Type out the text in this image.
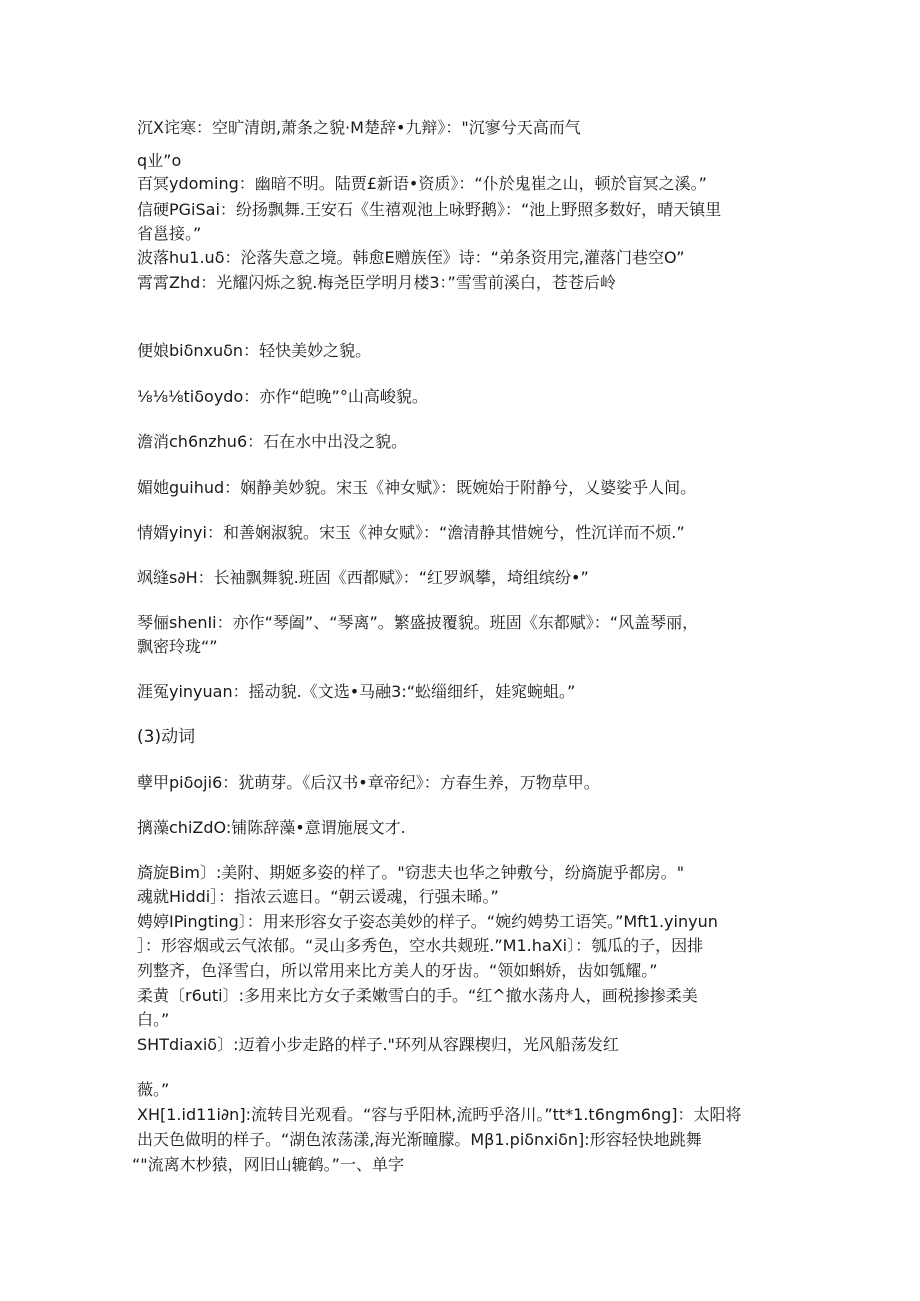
沉X诧寒：空旷清朗,萧条之貌·M楚辞•九辩》："沉寥兮天高而气

q业”o

百冥ydoming：幽暗不明。陆贾£新语•资质》：“仆於鬼崔之山，顿於盲冥之溪。”

信硬PGiSai：纷扬飘舞.王安石《生禧观池上咏野鹅》：“池上野照多数好，晴天镇里

省邕接。”

波落hu1.uδ：沦落失意之境。韩愈E赠族侄》诗：“弟条资用完,灌落门巷空O”

霄霄Zhd：光耀闪烁之貌.梅尧臣学明月楼3：”雪雪前溪白，苍苍后岭

便娘biδnxuδn：轻快美妙之貌。

⅛⅛⅛tiδoydo：亦作“皑晚”°山高峻貌。

澹消ch6nzhu6：石在水中出没之貌。

媚她guihud：娴静美妙貌。宋玉《神女赋》：既婉始于附静兮，乂婆娑乎人间。

情婿yinyi：和善娴淑貌。宋玉《神女赋》：“澹清静其惜婉兮，性沉详而不烦.”

飒缝s∂H：长袖飘舞貌.班固《西都赋》：“红罗飒攀，埼组缤纷•”

琴俪shenIi：亦作“琴阖”、“琴离”。繁盛披覆貌。班固《东都赋》：“风盖琴丽，

飘密玲珑“”

涯冤yinyuan：摇动貌.《文选•马融3:“蚣缁细纤，娃窕蜿蛆。”

(3)动词

孽甲piδoji6：犹萌芽。《后汉书•章帝纪》：方春生养，万物草甲。

摛藻chiZdO:铺陈辞藻•意谓施展文才.

旖旋Bim〕:美附、期姬多姿的样了。"窃悲夫也华之钟敷兮，纷旖旎乎都房。"

魂就Hiddi］：指浓云遮日。“朝云谖魂，行强未晞。”

娉婷IPingting〕：用来形容女子姿态美妙的样子。“婉约娉势工语笑。”Mft1.yinyun

］：形容烟或云气浓郁。“灵山多秀色，空水共觌班.”M1.haXi〕：瓠瓜的子，因排

列整齐，色泽雪白，所以常用来比方美人的牙齿。“领如蝌娇，齿如瓠耀。”

柔黄〔r6uti〕:多用来比方女子柔嫩雪白的手。“红^撤水荡舟人，画税掺掺柔美

白。”

SHTdiaxiδ〕:迈着小步走路的样子."环列从容踝楔归，光风船荡发红

薇。”

XH[1.id11i∂n]:流转目光观看。“容与乎阳林,流眄乎洛川。”tt*1.t6ngm6ng]：太阳将

出天色做明的样子。“湖色浓荡漾,海光渐瞳朦。Mβ1.piδnxiδn]:形容轻快地跳舞

“"流离木杪猿，网旧山辘鹤。”一、单字
